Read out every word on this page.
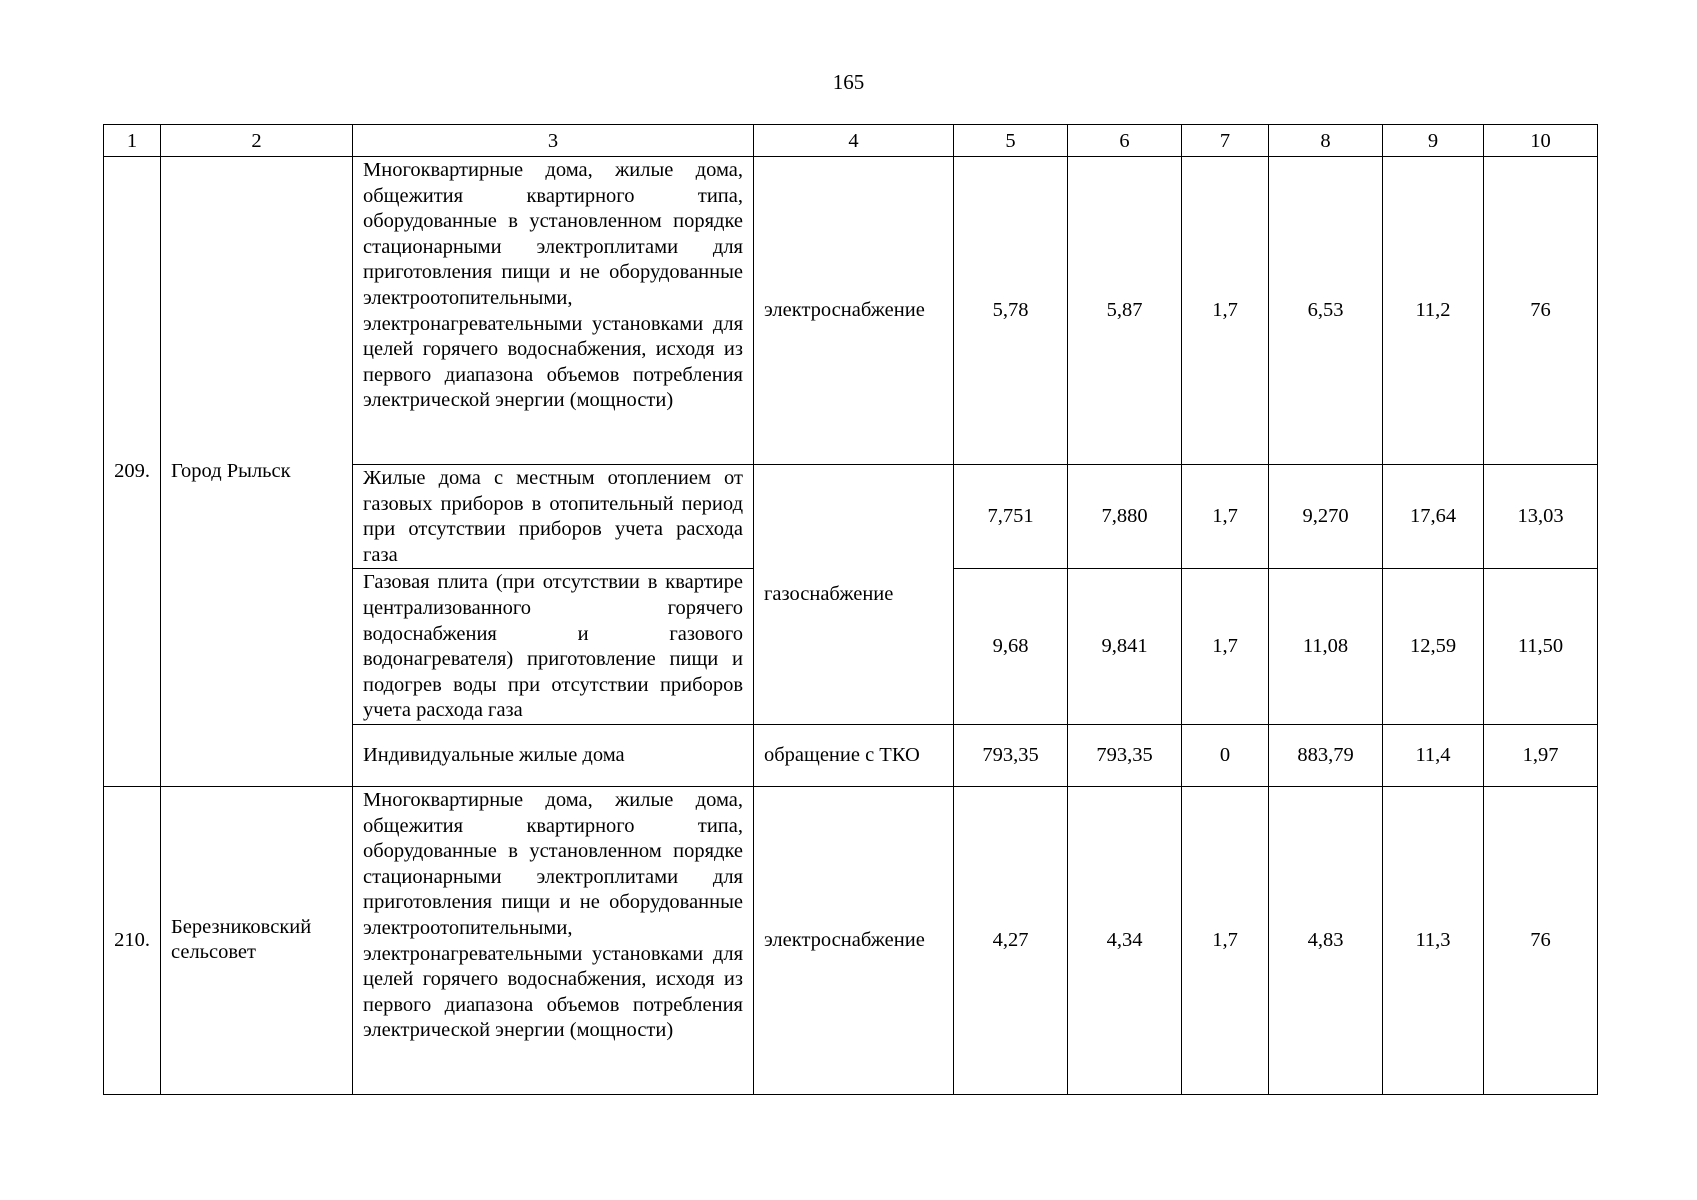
165
1	2	3	4	5	6	7	8	9	10
209.	Город Рыльск	Многоквартирные дома, жилые дома, общежития квартирного типа, оборудованные в установленном порядке стационарными электроплитами для приготовления пищи и не оборудованные электроотопительными, электронагревательными установками для целей горячего водоснабжения, исходя из первого диапазона объемов потребления электрической энергии (мощности)	электроснабжение	5,78	5,87	1,7	6,53	11,2	76
		Жилые дома с местным отоплением от газовых приборов в отопительный период при отсутствии приборов учета расхода газа	газоснабжение	7,751	7,880	1,7	9,270	17,64	13,03
		Газовая плита (при отсутствии в квартире централизованного горячего водоснабжения и газового водонагревателя) приготовление пищи и подогрев воды при отсутствии приборов учета расхода газа		9,68	9,841	1,7	11,08	12,59	11,50
		Индивидуальные жилые дома	обращение с ТКО	793,35	793,35	0	883,79	11,4	1,97
210.	Березниковский сельсовет	Многоквартирные дома, жилые дома, общежития квартирного типа, оборудованные в установленном порядке стационарными электроплитами для приготовления пищи и не оборудованные электроотопительными, электронагревательными установками для целей горячего водоснабжения, исходя из первого диапазона объемов потребления электрической энергии (мощности)	электроснабжение	4,27	4,34	1,7	4,83	11,3	76
